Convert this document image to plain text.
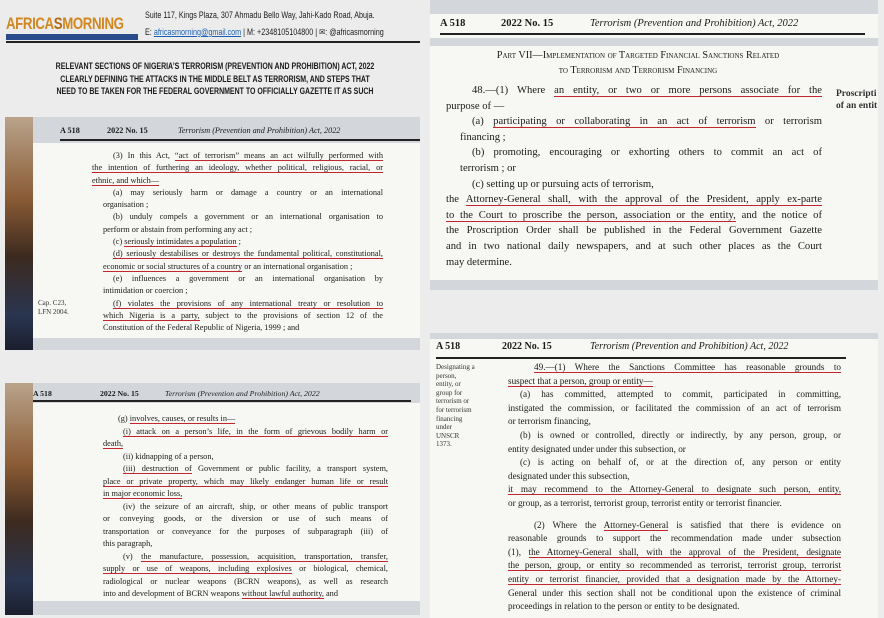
AFRICASMORNING Suite 117, Kings Plaza, 307 Ahmadu Bello Way, Jahi-Kado Road, Abuja.
E: africasmorning@gmail.com | M: +2348105104800 | ✉: @africasmorning
RELEVANT SECTIONS OF NIGERIA’S TERRORISM (PREVENTION AND PROHIBITION) ACT, 2022
CLEARLY DEFINING THE ATTACKS IN THE MIDDLE BELT AS TERRORISM, AND STEPS THAT
NEED TO BE TAKEN FOR THE FEDERAL GOVERNMENT TO OFFICIALLY GAZETTE IT AS SUCH
A 518	2022 No. 15	Terrorism (Prevention and Prohibition) Act, 2022
Cap. C23,
LFN 2004.
(3) In this Act, “act of terrorism” means an act wilfully performed with
the intention of furthering an ideology, whether political, religious, racial, or
ethnic, and which—
(a) may seriously harm or damage a country or an international
organisation ;
(b) unduly compels a government or an international organisation to
perform or abstain from performing any act ;
(c) seriously intimidates a population ;
(d) seriously destabilises or destroys the fundamental political, constitutional,
economic or social structures of a country or an international organisation ;
(e) influences a government or an international organisation by
intimidation or coercion ;
(f) violates the provisions of any international treaty or resolution to
which Nigeria is a party, subject to the provisions of section 12 of the
Constitution of the Federal Republic of Nigeria, 1999 ; and
A 518	2022 No. 15	Terrorism (Prevention and Prohibition) Act, 2022
(g) involves, causes, or results in—
(i) attack on a person’s life, in the form of grievous bodily harm or
death,
(ii) kidnapping of a person,
(iii) destruction of Government or public facility, a transport system,
place or private property, which may likely endanger human life or result
in major economic loss,
(iv) the seizure of an aircraft, ship, or other means of public transport
or conveying goods, or the diversion or use of such means of
transportation or conveyance for the purposes of subparagraph (iii) of
this paragraph,
(v) the manufacture, possession, acquisition, transportation, transfer,
supply or use of weapons, including explosives or biological, chemical,
radiological or nuclear weapons (BCRN weapons), as well as research
into and development of BCRN weapons without lawful authority, and
A 518	2022 No. 15	Terrorism (Prevention and Prohibition) Act, 2022
Part VII—Implementation of Targeted Financial Sanctions Related
to Terrorism and Terrorism Financing
Proscripti
of an entit
48.—(1) Where an entity, or two or more persons associate for the
purpose of —
(a) participating or collaborating in an act of terrorism or terrorism
financing ;
(b) promoting, encouraging or exhorting others to commit an act of
terrorism ; or
(c) setting up or pursuing acts of terrorism,
the Attorney-General shall, with the approval of the President, apply ex-parte
to the Court to proscribe the person, association or the entity, and the notice of
the Proscription Order shall be published in the Federal Government Gazette
and in two national daily newspapers, and at such other places as the Court
may determine.
A 518	2022 No. 15	Terrorism (Prevention and Prohibition) Act, 2022
Designating a
person,
entity, or
group for
terrorism or
for terrorism
financing
under
UNSCR
1373.
49.—(1) Where the Sanctions Committee has reasonable grounds to
suspect that a person, group or entity—
(a) has committed, attempted to commit, participated in committing,
instigated the commission, or facilitated the commission of an act of terrorism
or terrorism financing,
(b) is owned or controlled, directly or indirectly, by any person, group, or
entity designated under under this subsection, or
(c) is acting on behalf of, or at the direction of, any person or entity
designated under this subsection,
it may recommend to the Attorney-General to designate such person, entity,
or group, as a terrorist, terrorist group, terrorist entity or terrorist financier.
(2) Where the Attorney-General is satisfied that there is evidence on
reasonable grounds to support the recommendation made under subsection
(1), the Attorney-General shall, with the approval of the President, designate
the person, group, or entity so recommended as terrorist, terrorist group, terrorist
entity or terrorist financier, provided that a designation made by the Attorney-
General under this section shall not be conditional upon the existence of criminal
proceedings in relation to the person or entity to be designated.
